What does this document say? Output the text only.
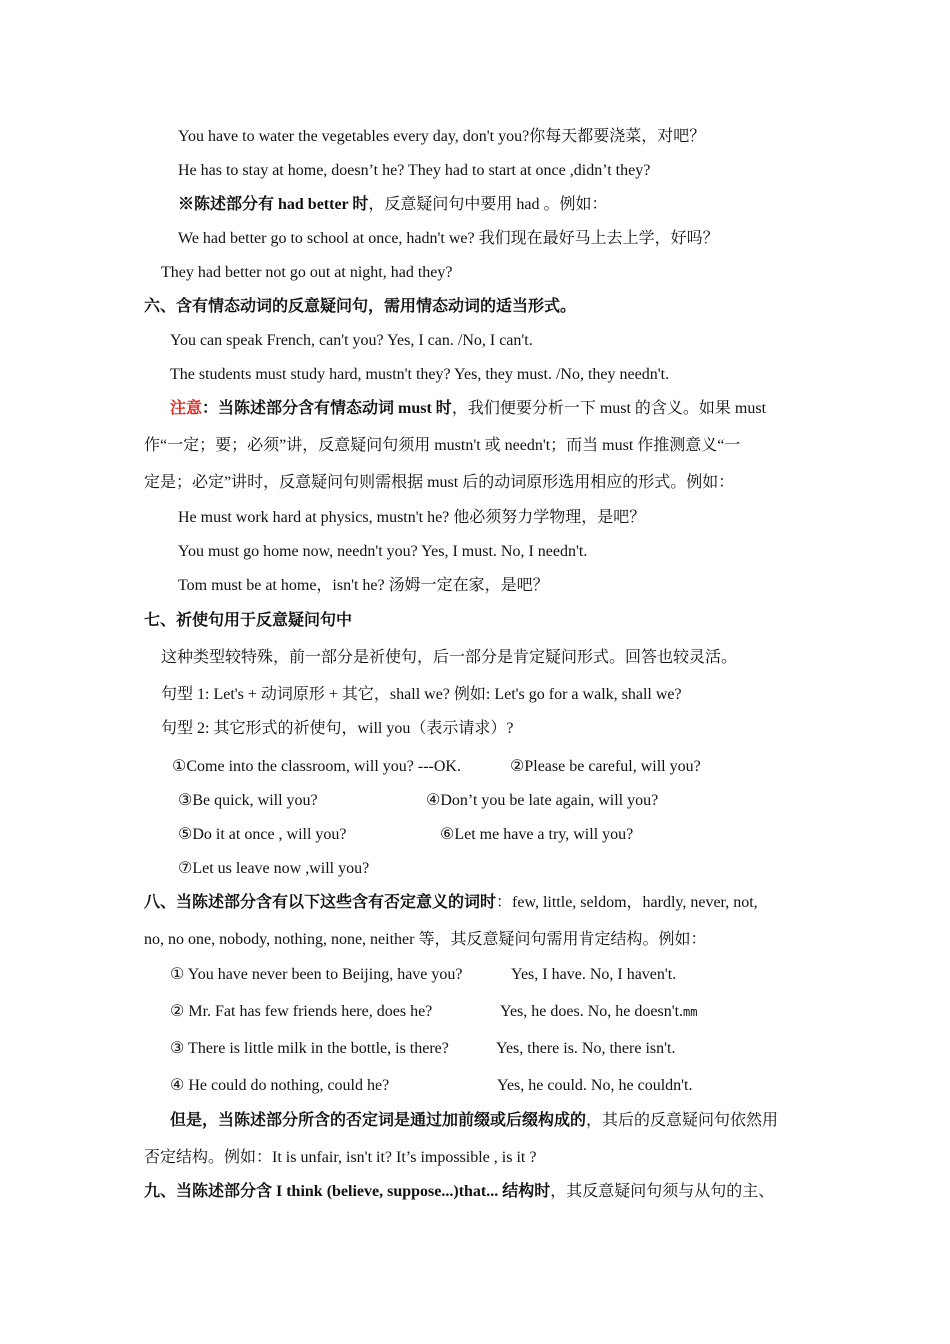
You have to water the vegetables every day, don't you?你每天都要浇菜，对吧？
He has to stay at home, doesn’t he? They had to start at once ,didn’t they?
※陈述部分有 had better 时，反意疑问句中要用 had 。例如：
We had better go to school at once, hadn't we? 我们现在最好马上去上学，好吗？
They had better not go out at night, had they?
六、含有情态动词的反意疑问句，需用情态动词的适当形式。
You can speak French, can't you? Yes, I can. /No, I can't.
The students must study hard, mustn't they? Yes, they must. /No, they needn't.
注意：当陈述部分含有情态动词 must 时，我们便要分析一下 must 的含义。如果 must
作“一定；要；必须”讲，反意疑问句须用 mustn't 或 needn't；而当 must 作推测意义“一
定是；必定”讲时，反意疑问句则需根据 must 后的动词原形选用相应的形式。例如：
He must work hard at physics, mustn't he? 他必须努力学物理，是吧？
You must go home now, needn't you? Yes, I must. No, I needn't.
Tom must be at home，isn't he? 汤姆一定在家，是吧？
七、祈使句用于反意疑问句中
这种类型较特殊，前一部分是祈使句，后一部分是肯定疑问形式。回答也较灵活。
句型 1: Let's + 动词原形 + 其它，shall we? 例如: Let's go for a walk, shall we?
句型 2: 其它形式的祈使句，will you（表示请求）?
①Come into the classroom, will you? ---OK.	②Please be careful, will you?
③Be quick, will you?	④Don’t you be late again, will you?
⑤Do it at once , will you?	⑥Let me have a try, will you?
⑦Let us leave now ,will you?
八、当陈述部分含有以下这些含有否定意义的词时：few, little, seldom，hardly, never, not,
no, no one, nobody, nothing, none, neither 等，其反意疑问句需用肯定结构。例如：
① You have never been to Beijing, have you?	Yes, I have. No, I haven't.
② Mr. Fat has few friends here, does he?	Yes, he does. No, he doesn't.mm
③ There is little milk in the bottle, is there?	Yes, there is. No, there isn't.
④ He could do nothing, could he?	Yes, he could. No, he couldn't.
但是，当陈述部分所含的否定词是通过加前缀或后缀构成的，其后的反意疑问句依然用
否定结构。例如：It is unfair, isn't it? It’s impossible , is it ?
九、当陈述部分含 I think (believe, suppose...)that... 结构时，其反意疑问句须与从句的主、
